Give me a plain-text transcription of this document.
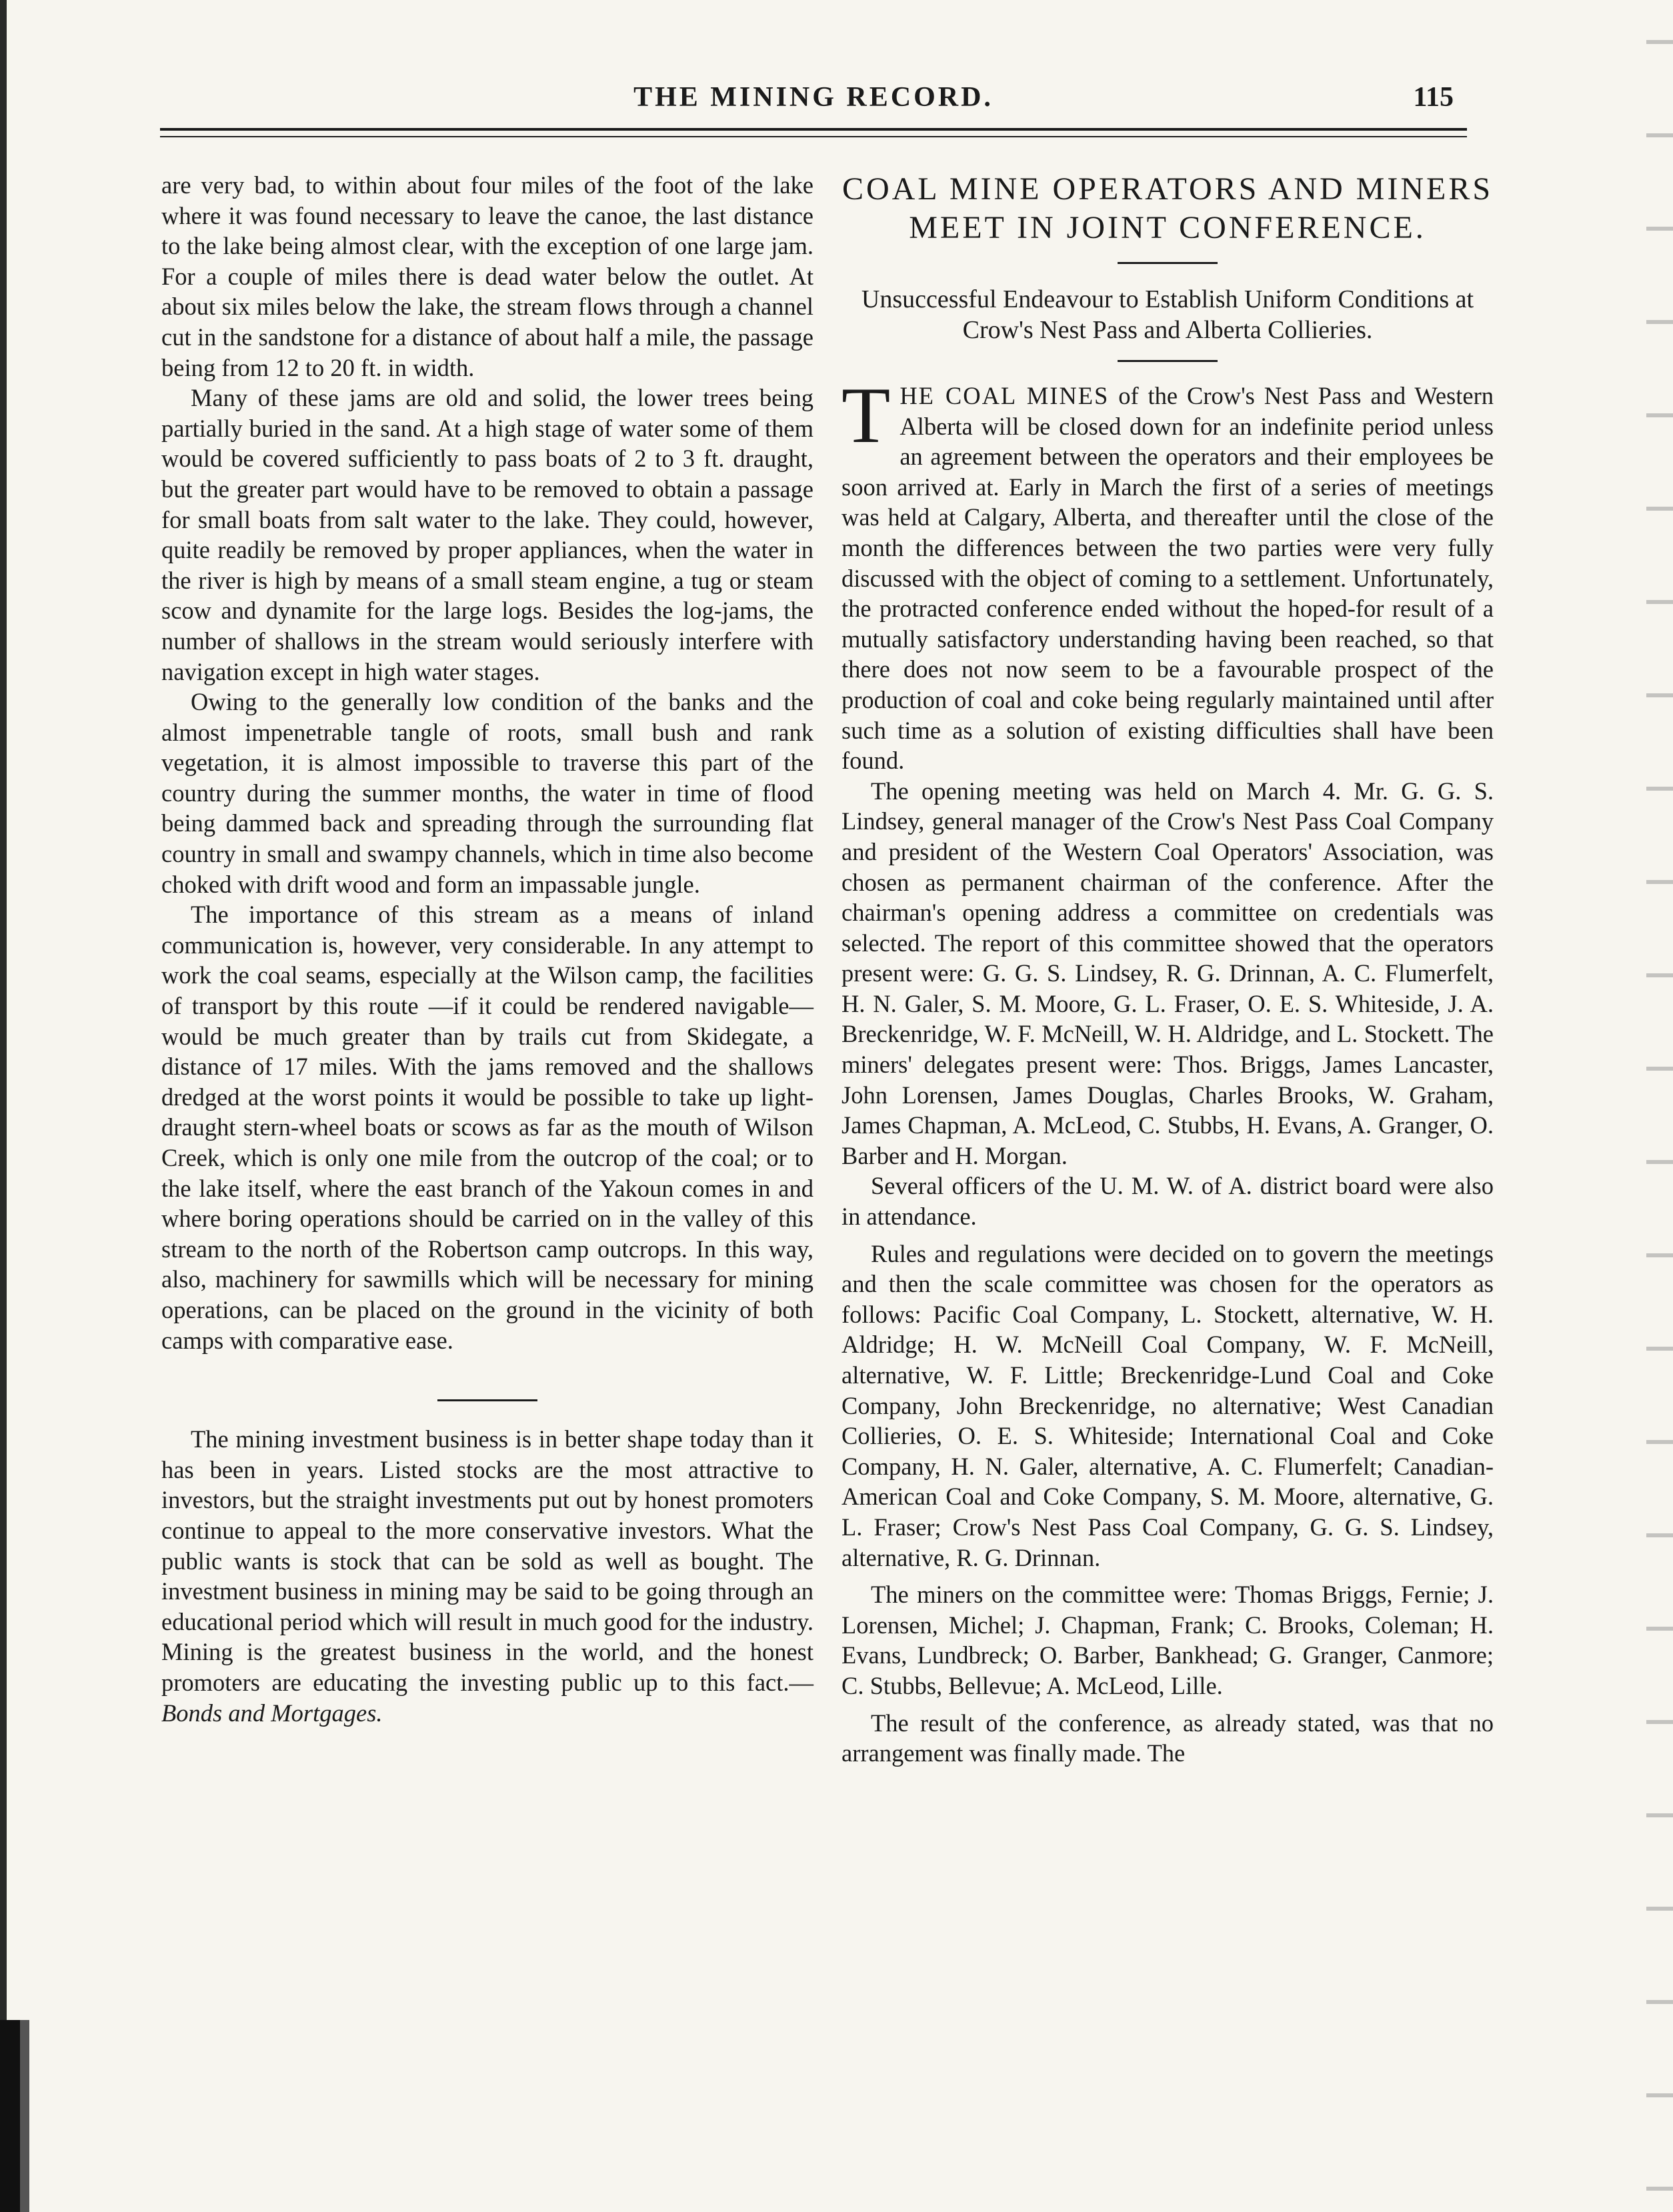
THE MINING RECORD.	115

are very bad, to within about four miles of the foot of the lake where it was found necessary to leave the canoe, the last distance to the lake being almost clear, with the exception of one large jam. For a couple of miles there is dead water below the outlet. At about six miles below the lake, the stream flows through a channel cut in the sandstone for a distance of about half a mile, the passage being from 12 to 20 ft. in width.

Many of these jams are old and solid, the lower trees being partially buried in the sand. At a high stage of water some of them would be covered sufficiently to pass boats of 2 to 3 ft. draught, but the greater part would have to be removed to obtain a passage for small boats from salt water to the lake. They could, however, quite readily be removed by proper appliances, when the water in the river is high by means of a small steam engine, a tug or steam scow and dynamite for the large logs. Besides the log-jams, the number of shallows in the stream would seriously interfere with navigation except in high water stages.

Owing to the generally low condition of the banks and the almost impenetrable tangle of roots, small bush and rank vegetation, it is almost impossible to traverse this part of the country during the summer months, the water in time of flood being dammed back and spreading through the surrounding flat country in small and swampy channels, which in time also become choked with drift wood and form an impassable jungle.

The importance of this stream as a means of inland communication is, however, very considerable. In any attempt to work the coal seams, especially at the Wilson camp, the facilities of transport by this route —if it could be rendered navigable—would be much greater than by trails cut from Skidegate, a distance of 17 miles. With the jams removed and the shallows dredged at the worst points it would be possible to take up light-draught stern-wheel boats or scows as far as the mouth of Wilson Creek, which is only one mile from the outcrop of the coal; or to the lake itself, where the east branch of the Yakoun comes in and where boring operations should be carried on in the valley of this stream to the north of the Robertson camp outcrops. In this way, also, machinery for sawmills which will be necessary for mining operations, can be placed on the ground in the vicinity of both camps with comparative ease.

The mining investment business is in better shape today than it has been in years. Listed stocks are the most attractive to investors, but the straight investments put out by honest promoters continue to appeal to the more conservative investors. What the public wants is stock that can be sold as well as bought. The investment business in mining may be said to be going through an educational period which will result in much good for the industry. Mining is the greatest business in the world, and the honest promoters are educating the investing public up to this fact.—Bonds and Mortgages.

COAL MINE OPERATORS AND MINERS MEET IN JOINT CONFERENCE.

Unsuccessful Endeavour to Establish Uniform Conditions at Crow's Nest Pass and Alberta Collieries.

T HE COAL MINES of the Crow's Nest Pass and Western Alberta will be closed down for an indefinite period unless an agreement between the operators and their employees be soon arrived at. Early in March the first of a series of meetings was held at Calgary, Alberta, and thereafter until the close of the month the differences between the two parties were very fully discussed with the object of coming to a settlement. Unfortunately, the protracted conference ended without the hoped-for result of a mutually satisfactory understanding having been reached, so that there does not now seem to be a favourable prospect of the production of coal and coke being regularly maintained until after such time as a solution of existing difficulties shall have been found.

The opening meeting was held on March 4. Mr. G. G. S. Lindsey, general manager of the Crow's Nest Pass Coal Company and president of the Western Coal Operators' Association, was chosen as permanent chairman of the conference. After the chairman's opening address a committee on credentials was selected. The report of this committee showed that the operators present were: G. G. S. Lindsey, R. G. Drinnan, A. C. Flumerfelt, H. N. Galer, S. M. Moore, G. L. Fraser, O. E. S. Whiteside, J. A. Breckenridge, W. F. McNeill, W. H. Aldridge, and L. Stockett. The miners' delegates present were: Thos. Briggs, James Lancaster, John Lorensen, James Douglas, Charles Brooks, W. Graham, James Chapman, A. McLeod, C. Stubbs, H. Evans, A. Granger, O. Barber and H. Morgan.

Several officers of the U. M. W. of A. district board were also in attendance.

Rules and regulations were decided on to govern the meetings and then the scale committee was chosen for the operators as follows: Pacific Coal Company, L. Stockett, alternative, W. H. Aldridge; H. W. McNeill Coal Company, W. F. McNeill, alternative, W. F. Little; Breckenridge-Lund Coal and Coke Company, John Breckenridge, no alternative; West Canadian Collieries, O. E. S. Whiteside; International Coal and Coke Company, H. N. Galer, alternative, A. C. Flumerfelt; Canadian-American Coal and Coke Company, S. M. Moore, alternative, G. L. Fraser; Crow's Nest Pass Coal Company, G. G. S. Lindsey, alternative, R. G. Drinnan.

The miners on the committee were: Thomas Briggs, Fernie; J. Lorensen, Michel; J. Chapman, Frank; C. Brooks, Coleman; H. Evans, Lundbreck; O. Barber, Bankhead; G. Granger, Canmore; C. Stubbs, Bellevue; A. McLeod, Lille.

The result of the conference, as already stated, was that no arrangement was finally made. The
